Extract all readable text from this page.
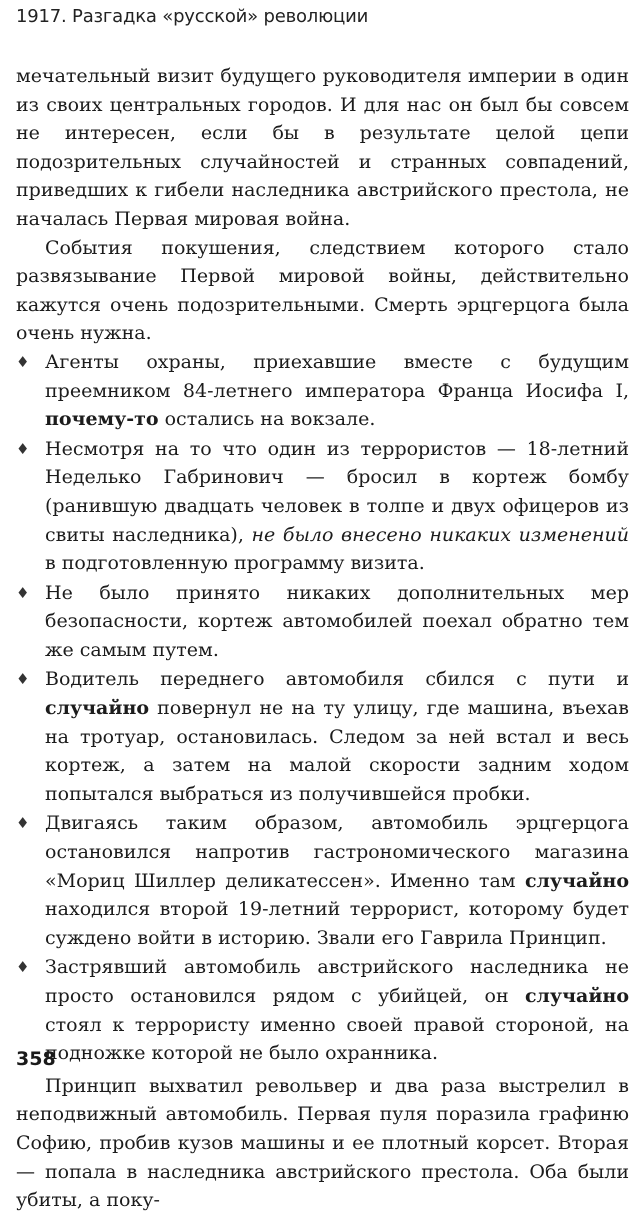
1917. Разгадка «русской» революции

мечательный визит будущего руководителя империи в один из своих центральных городов. И для нас он был бы совсем не интересен, если бы в результате целой цепи подозрительных случайностей и странных совпадений, приведших к гибели наследника австрийского престола, не началась Первая мировая война.

События покушения, следствием которого стало развязывание Первой мировой войны, действительно кажутся очень подозрительными. Смерть эрцгерцога была очень нужна.

♦ Агенты охраны, приехавшие вместе с будущим преемником 84-летнего императора Франца Иосифа I, почему-то остались на вокзале.
♦ Несмотря на то что один из террористов — 18-летний Неделько Габринович — бросил в кортеж бомбу (ранившую двадцать человек в толпе и двух офицеров из свиты наследника), не было внесено никаких изменений в подготовленную программу визита.
♦ Не было принято никаких дополнительных мер безопасности, кортеж автомобилей поехал обратно тем же самым путем.
♦ Водитель переднего автомобиля сбился с пути и случайно повернул не на ту улицу, где машина, въехав на тротуар, остановилась. Следом за ней встал и весь кортеж, а затем на малой скорости задним ходом попытался выбраться из получившейся пробки.
♦ Двигаясь таким образом, автомобиль эрцгерцога остановился напротив гастрономического магазина «Мориц Шиллер деликатессен». Именно там случайно находился второй 19-летний террорист, которому будет суждено войти в историю. Звали его Гаврила Принцип.
♦ Застрявший автомобиль австрийского наследника не просто остановился рядом с убийцей, он случайно стоял к террористу именно своей правой стороной, на подножке которой не было охранника.

Принцип выхватил револьвер и два раза выстрелил в неподвижный автомобиль. Первая пуля поразила графиню Софию, пробив кузов машины и ее плотный корсет. Вторая — попала в наследника австрийского престола. Оба были убиты, а поку-

358
